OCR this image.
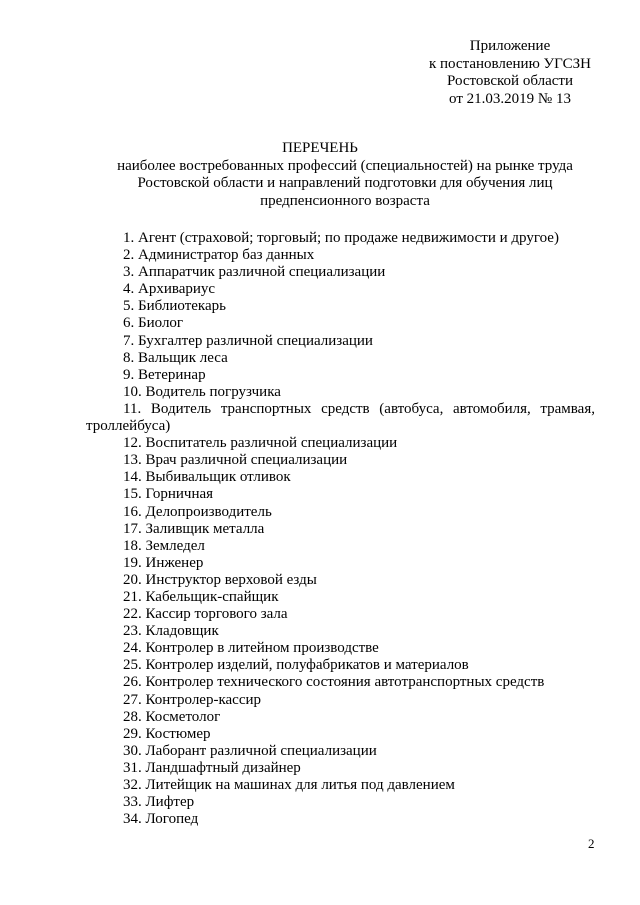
Приложение
к постановлению УГСЗН
Ростовской области
от 21.03.2019 № 13
ПЕРЕЧЕНЬ
наиболее востребованных профессий (специальностей) на рынке труда
Ростовской области и направлений подготовки для обучения лиц
предпенсионного возраста
1. Агент (страховой; торговый; по продаже недвижимости и другое)
2. Администратор баз данных
3. Аппаратчик различной специализации
4. Архивариус
5. Библиотекарь
6. Биолог
7. Бухгалтер различной специализации
8. Вальщик леса
9. Ветеринар
10. Водитель погрузчика
11. Водитель транспортных средств (автобуса, автомобиля, трамвая, троллейбуса)
12. Воспитатель различной специализации
13. Врач различной специализации
14. Выбивальщик отливок
15. Горничная
16. Делопроизводитель
17. Заливщик металла
18. Земледел
19. Инженер
20. Инструктор верховой езды
21. Кабельщик-спайщик
22. Кассир торгового зала
23. Кладовщик
24. Контролер в литейном производстве
25. Контролер изделий, полуфабрикатов и материалов
26. Контролер технического состояния автотранспортных средств
27. Контролер-кассир
28. Косметолог
29. Костюмер
30. Лаборант различной специализации
31. Ландшафтный дизайнер
32. Литейщик на машинах для литья под давлением
33. Лифтер
34. Логопед
2
